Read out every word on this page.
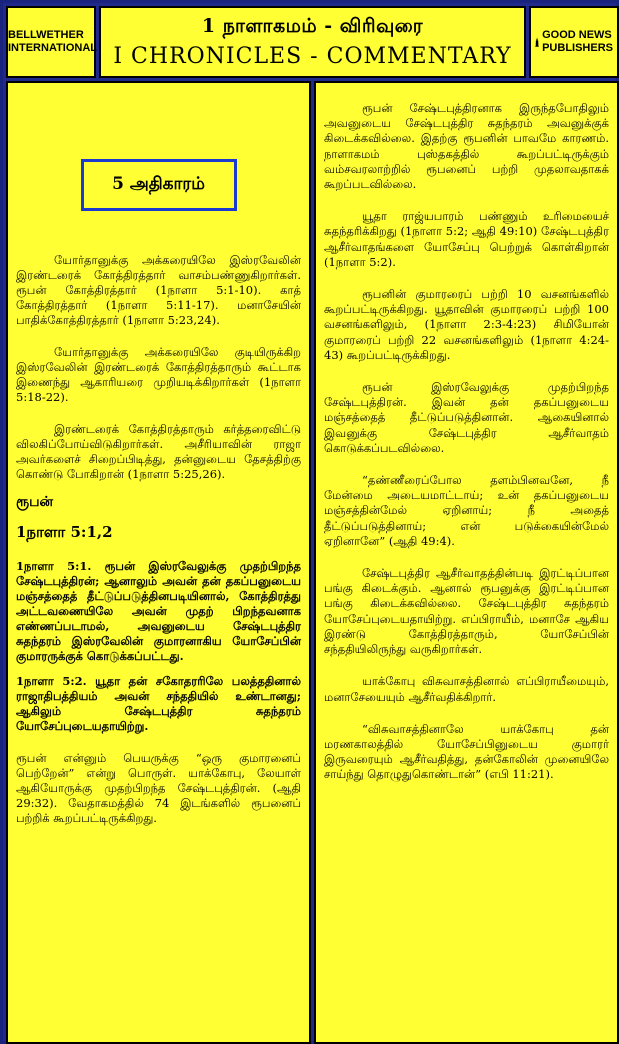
BELLWETHER
INTERNATIONAL
1 நாளாகமம் - விரிவுரை
I CHRONICLES - COMMENTARY
GOOD NEWS
PUBLISHERS
5 அதிகாரம்

யோர்தானுக்கு அக்கரையிலே இஸ்ரவேலின் இரண்டரைக் கோத்திரத்தார் வாசம்பண்ணுகிறார்கள். ரூபன் கோத்திரத்தார் (1நாளா 5:1-10). காத் கோத்திரத்தார் (1நாளா 5:11-17). மனாசேயின் பாதிக்கோத்திரத்தார் (1நாளா 5:23,24).

யோர்தானுக்கு அக்கரையிலே குடியிருக்கிற இஸ்ரவேலின் இரண்டரைக் கோத்திரத்தாரும் கூட்டாக இணைந்து ஆகாரியரை முறியடிக்கிறார்கள் (1நாளா 5:18-22).

இரண்டரைக் கோத்திரத்தாரும் கர்த்தரைவிட்டு விலகிப்போய்விடுகிறார்கள். அசீரியாவின் ராஜா அவர்களைச் சிறைப்பிடித்து, தன்னுடைய தேசத்திற்கு கொண்டு போகிறான் (1நாளா 5:25,26).

ரூபன்
1நாளா 5:1,2

1நாளா 5:1. ரூபன் இஸ்ரவேலுக்கு முதற்பிறந்த சேஷ்டபுத்திரன்; ஆனாலும் அவன் தன் தகப்பனுடைய மஞ்சத்தைத் தீட்டுப்படுத்தினபடியினால், கோத்திரத்து அட்டவணையிலே அவன் முதற் பிறந்தவனாக எண்ணப்படாமல், அவனுடைய சேஷ்டபுத்திர சுதந்தரம் இஸ்ரவேலின் குமாரனாகிய யோசேப்பின் குமாரருக்குக் கொடுக்கப்பட்டது.

1நாளா 5:2. யூதா தன் சகோதரரிலே பலத்ததினால் ராஜாதிபத்தியம் அவன் சந்ததியில் உண்டானது; ஆகிலும் சேஷ்டபுத்திர சுதந்தரம் யோசேப்புடையதாயிற்று.

ரூபன் என்னும் பெயருக்கு “ஒரு குமாரனைப் பெற்றேன்” என்று பொருள். யாக்கோபு, லேயாள் ஆகியோருக்கு முதற்பிறந்த சேஷ்டபுத்திரன். (ஆதி 29:32). வேதாகமத்தில் 74 இடங்களில் ரூபனைப் பற்றிக் கூறப்பட்டிருக்கிறது.

ரூபன் சேஷ்டபுத்திரனாக இருந்தபோதிலும் அவனுடைய சேஷ்டபுத்திர சுதந்தரம் அவனுக்குக் கிடைக்கவில்லை. இதற்கு ரூபனின் பாவமே காரணம். நாளாகமம் புஸ்தகத்தில் கூறப்பட்டிருக்கும் வம்சவரலாற்றில் ரூபனைப் பற்றி முதலாவதாகக் கூறப்படவில்லை.

யூதா ராஜ்யபாரம் பண்ணும் உரிமையைச் சுதந்தரிக்கிறது (1நாளா 5:2; ஆதி 49:10) சேஷ்டபுத்திர ஆசீர்வாதங்களை யோசேப்பு பெற்றுக் கொள்கிறான் (1நாளா 5:2).

ரூபனின் குமாரரைப் பற்றி 10 வசனங்களில் கூறப்பட்டிருக்கிறது. யூதாவின் குமாரரைப் பற்றி 100 வசனங்களிலும், (1நாளா 2:3-4:23) சிமியோன் குமாரரைப் பற்றி 22 வசனங்களிலும் (1நாளா 4:24-43) கூறப்பட்டிருக்கிறது.

ரூபன் இஸ்ரவேலுக்கு முதற்பிறந்த சேஷ்டபுத்திரன். இவன் தன் தகப்பனுடைய மஞ்சத்தைத் தீட்டுப்படுத்தினான். ஆகையினால் இவனுக்கு சேஷ்டபுத்திர ஆசீர்வாதம் கொடுக்கப்படவில்லை.

“தண்ணீரைப்போல தளம்பினவனே, நீ மேன்மை அடையமாட்டாய்; உன் தகப்பனுடைய மஞ்சத்தின்மேல் ஏறினாய்; நீ அதைத் தீட்டுப்படுத்தினாய்; என் படுக்கையின்மேல் ஏறினானே” (ஆதி 49:4).

சேஷ்டபுத்திர ஆசீர்வாதத்தின்படி இரட்டிப்பான பங்கு கிடைக்கும். ஆனால் ரூபனுக்கு இரட்டிப்பான பங்கு கிடைக்கவில்லை. சேஷ்டபுத்திர சுதந்தரம் யோசேப்புடையதாயிற்று. எப்பிராயீம், மனாசே ஆகிய இரண்டு கோத்திரத்தாரும், யோசேப்பின் சந்ததியிலிருந்து வருகிறார்கள்.

யாக்கோபு விசுவாசத்தினால் எப்பிராயீமையும், மனாசேயையும் ஆசீர்வதிக்கிறார்.

“விசுவாசத்தினாலே யாக்கோபு தன் மரணகாலத்தில் யோசேப்பினுடைய குமாரர் இருவரையும் ஆசீர்வதித்து, தன்கோலின் முனையிலே சாய்ந்து தொழுதுகொண்டான்” (எபி 11:21).
